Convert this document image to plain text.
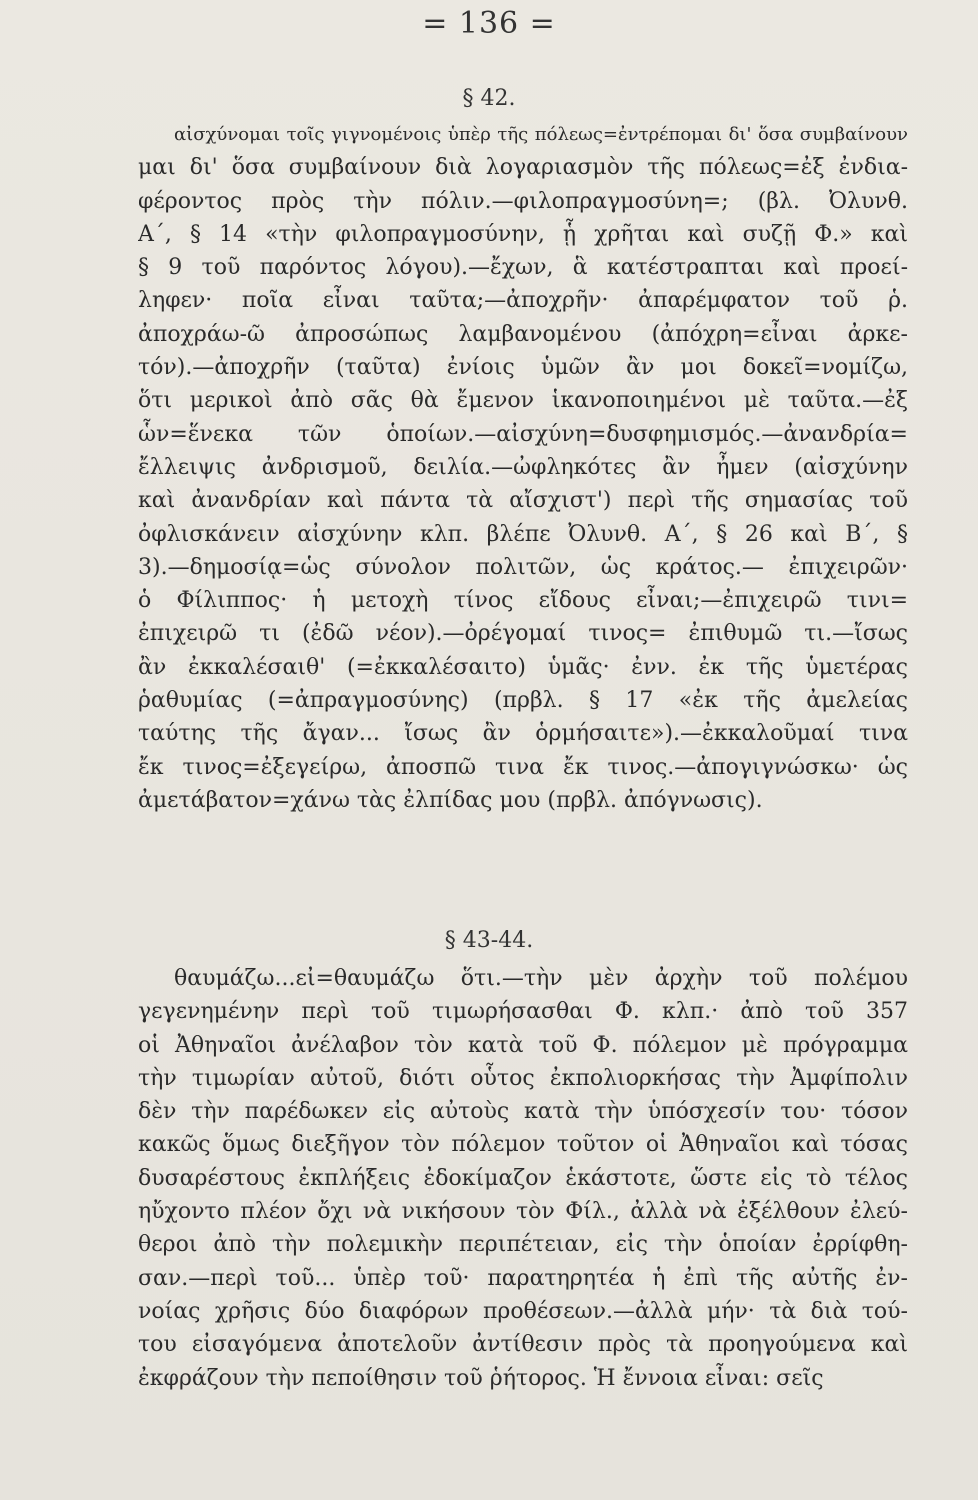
= 136 =
§ 42.
αἰσχύνομαι τοῖς γιγνομένοις ὑπὲρ τῆς πόλεως=ἐντρέπομαι δι' ὅσα συμβαίνουν
μαι δι' ὅσα συμβαίνουν διὰ λογαριασμὸν τῆς πόλεως=ἐξ ἐνδια-
φέροντος πρὸς τὴν πόλιν.—φιλοπραγμοσύνη=; (βλ. Ὀλυνθ.
Α΄, § 14 «τὴν φιλοπραγμοσύνην, ᾗ χρῆται καὶ συζῇ Φ.» καὶ
§ 9 τοῦ παρόντος λόγου).—ἔχων, ἃ κατέστραπται καὶ προεί-
ληφεν· ποῖα εἶναι ταῦτα;—ἀποχρῆν· ἀπαρέμφατον τοῦ ῥ.
ἀποχράω-ῶ ἀπροσώπως λαμβανομένου (ἀπόχρη=εἶναι ἀρκε-
τόν).—ἀποχρῆν (ταῦτα) ἐνίοις ὑμῶν ἂν μοι δοκεῖ=νομίζω,
ὅτι μερικοὶ ἀπὸ σᾶς θὰ ἔμενον ἱκανοποιημένοι μὲ ταῦτα.—ἐξ
ὧν=ἕνεκα τῶν ὁποίων.—αἰσχύνη=δυσφημισμός.—ἀνανδρία=
ἔλλειψις ἀνδρισμοῦ, δειλία.—ὠφληκότες ἂν ἦμεν (αἰσχύνην
καὶ ἀνανδρίαν καὶ πάντα τὰ αἴσχιστ') περὶ τῆς σημασίας τοῦ
ὀφλισκάνειν αἰσχύνην κλπ. βλέπε Ὀλυνθ. Α΄, § 26 καὶ Β΄, §
3).—δημοσίᾳ=ὡς σύνολον πολιτῶν, ὡς κράτος.— ἐπιχειρῶν·
ὁ Φίλιππος· ἡ μετοχὴ τίνος εἴδους εἶναι;—ἐπιχειρῶ τινι=
ἐπιχειρῶ τι (ἐδῶ νέον).—ὀρέγομαί τινος= ἐπιθυμῶ τι.—ἴσως
ἂν ἐκκαλέσαιθ' (=ἐκκαλέσαιτο) ὑμᾶς· ἐνν. ἐκ τῆς ὑμετέρας
ῥαθυμίας (=ἀπραγμοσύνης) (πρβλ. § 17 «ἐκ τῆς ἀμελείας
ταύτης τῆς ἄγαν... ἴσως ἂν ὁρμήσαιτε»).—ἐκκαλοῦμαί τινα
ἔκ τινος=ἐξεγείρω, ἀποσπῶ τινα ἔκ τινος.—ἀπογιγνώσκω· ὡς
ἀμετάβατον=χάνω τὰς ἐλπίδας μου (πρβλ. ἀπόγνωσις).
§ 43-44.
θαυμάζω...εἰ=θαυμάζω ὅτι.—τὴν μὲν ἀρχὴν τοῦ πολέμου
γεγενημένην περὶ τοῦ τιμωρήσασθαι Φ. κλπ.· ἀπὸ τοῦ 357
οἱ Ἀθηναῖοι ἀνέλαβον τὸν κατὰ τοῦ Φ. πόλεμον μὲ πρόγραμμα
τὴν τιμωρίαν αὐτοῦ, διότι οὗτος ἐκπολιορκήσας τὴν Ἀμφίπολιν
δὲν τὴν παρέδωκεν εἰς αὐτοὺς κατὰ τὴν ὑπόσχεσίν του· τόσον
κακῶς ὅμως διεξῆγον τὸν πόλεμον τοῦτον οἱ Ἀθηναῖοι καὶ τόσας
δυσαρέστους ἐκπλήξεις ἐδοκίμαζον ἑκάστοτε, ὥστε εἰς τὸ τέλος
ηὔχοντο πλέον ὄχι νὰ νικήσουν τὸν Φίλ., ἀλλὰ νὰ ἐξέλθουν ἐλεύ-
θεροι ἀπὸ τὴν πολεμικὴν περιπέτειαν, εἰς τὴν ὁποίαν ἐρρίφθη-
σαν.—περὶ τοῦ... ὑπὲρ τοῦ· παρατηρητέα ἡ ἐπὶ τῆς αὐτῆς ἐν-
νοίας χρῆσις δύο διαφόρων προθέσεων.—ἀλλὰ μήν· τὰ διὰ τού-
του εἰσαγόμενα ἀποτελοῦν ἀντίθεσιν πρὸς τὰ προηγούμενα καὶ
ἐκφράζουν τὴν πεποίθησιν τοῦ ῥήτορος. Ἡ ἔννοια εἶναι: σεῖς
